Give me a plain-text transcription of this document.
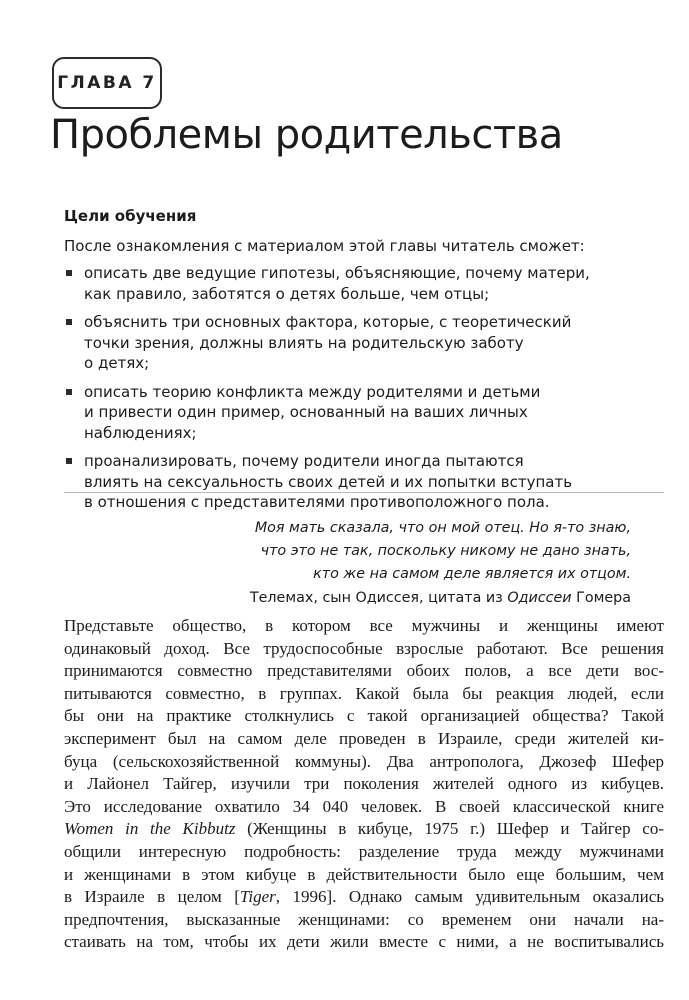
ГЛАВА 7
Проблемы родительства
Цели обучения
После ознакомления с материалом этой главы читатель сможет:
описать две ведущие гипотезы, объясняющие, почему матери,
как правило, заботятся о детях больше, чем отцы;
объяснить три основных фактора, которые, с теоретический
точки зрения, должны влиять на родительскую заботу
о детях;
описать теорию конфликта между родителями и детьми
и привести один пример, основанный на ваших личных
наблюдениях;
проанализировать, почему родители иногда пытаются
влиять на сексуальность своих детей и их попытки вступать
в отношения с представителями противоположного пола.
Моя мать сказала, что он мой отец. Но я-то знаю,
что это не так, поскольку никому не дано знать,
кто же на самом деле является их отцом.
Телемах, сын Одиссея, цитата из Одиссеи Гомера
Представьте общество, в котором все мужчины и женщины имеют
одинаковый доход. Все трудоспособные взрослые работают. Все решения
принимаются совместно представителями обоих полов, а все дети вос-
питываются совместно, в группах. Какой была бы реакция людей, если
бы они на практике столкнулись с такой организацией общества? Такой
эксперимент был на самом деле проведен в Израиле, среди жителей ки-
буца (сельскохозяйственной коммуны). Два антрополога, Джозеф Шефер
и Лайонел Тайгер, изучили три поколения жителей одного из кибуцев.
Это исследование охватило 34 040 человек. В своей классической книге
Women in the Kibbutz (Женщины в кибуце, 1975 г.) Шефер и Тайгер со-
общили интересную подробность: разделение труда между мужчинами
и женщинами в этом кибуце в действительности было еще большим, чем
в Израиле в целом [Tiger, 1996]. Однако самым удивительным оказались
предпочтения, высказанные женщинами: со временем они начали на-
стаивать на том, чтобы их дети жили вместе с ними, а не воспитывались
